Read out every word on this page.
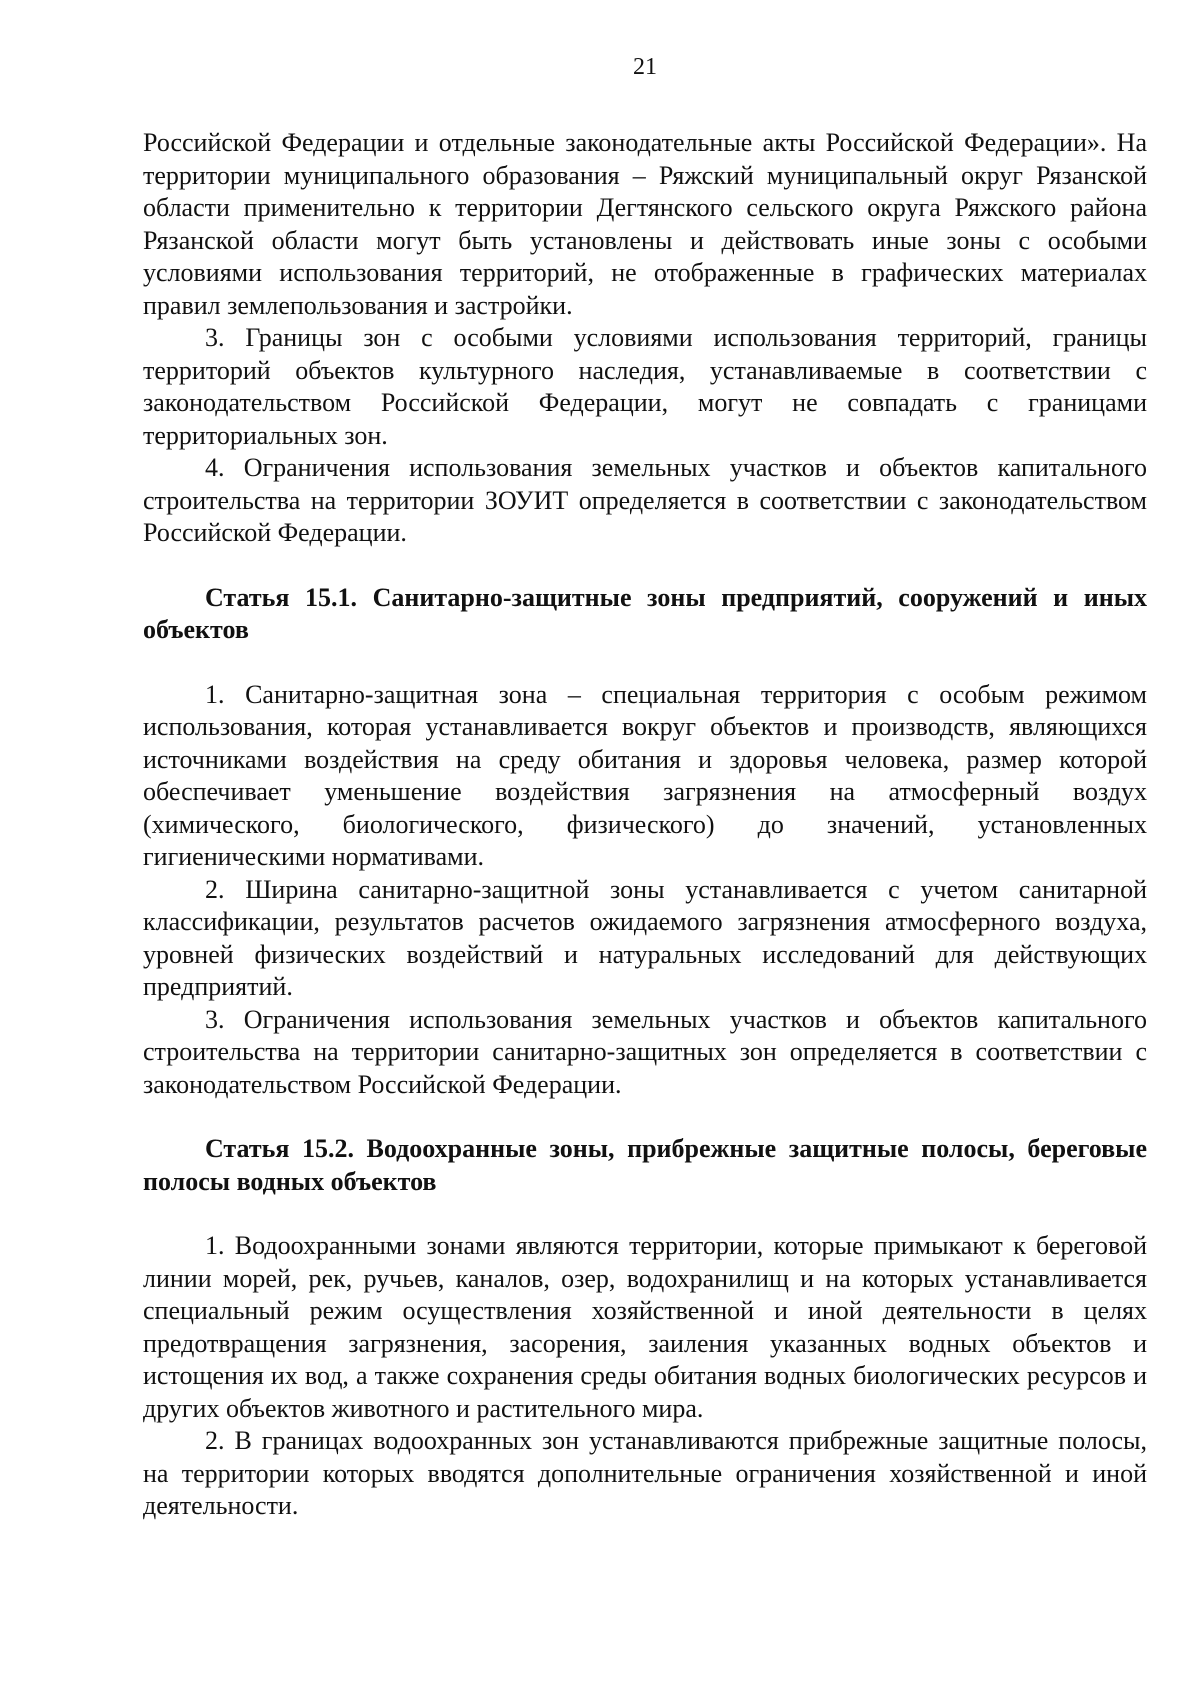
21

Российской Федерации и отдельные законодательные акты Российской Федерации». На территории муниципального образования – Ряжский муниципальный округ Рязанской области применительно к территории Дегтянского сельского округа Ряжского района Рязанской области могут быть установлены и действовать иные зоны с особыми условиями использования территорий, не отображенные в графических материалах правил землепользования и застройки.

3. Границы зон с особыми условиями использования территорий, границы территорий объектов культурного наследия, устанавливаемые в соответствии с законодательством Российской Федерации, могут не совпадать с границами территориальных зон.

4. Ограничения использования земельных участков и объектов капитального строительства на территории ЗОУИТ определяется в соответствии с законодательством Российской Федерации.

Статья 15.1. Санитарно-защитные зоны предприятий, сооружений и иных объектов

1. Санитарно-защитная зона – специальная территория с особым режимом использования, которая устанавливается вокруг объектов и производств, являющихся источниками воздействия на среду обитания и здоровья человека, размер которой обеспечивает уменьшение воздействия загрязнения на атмосферный воздух (химического, биологического, физического) до значений, установленных гигиеническими нормативами.

2. Ширина санитарно-защитной зоны устанавливается с учетом санитарной классификации, результатов расчетов ожидаемого загрязнения атмосферного воздуха, уровней физических воздействий и натуральных исследований для действующих предприятий.

3. Ограничения использования земельных участков и объектов капитального строительства на территории санитарно-защитных зон определяется в соответствии с законодательством Российской Федерации.

Статья 15.2. Водоохранные зоны, прибрежные защитные полосы, береговые полосы водных объектов

1. Водоохранными зонами являются территории, которые примыкают к береговой линии морей, рек, ручьев, каналов, озер, водохранилищ и на которых устанавливается специальный режим осуществления хозяйственной и иной деятельности в целях предотвращения загрязнения, засорения, заиления указанных водных объектов и истощения их вод, а также сохранения среды обитания водных биологических ресурсов и других объектов животного и растительного мира.

2. В границах водоохранных зон устанавливаются прибрежные защитные полосы, на территории которых вводятся дополнительные ограничения хозяйственной и иной деятельности.
